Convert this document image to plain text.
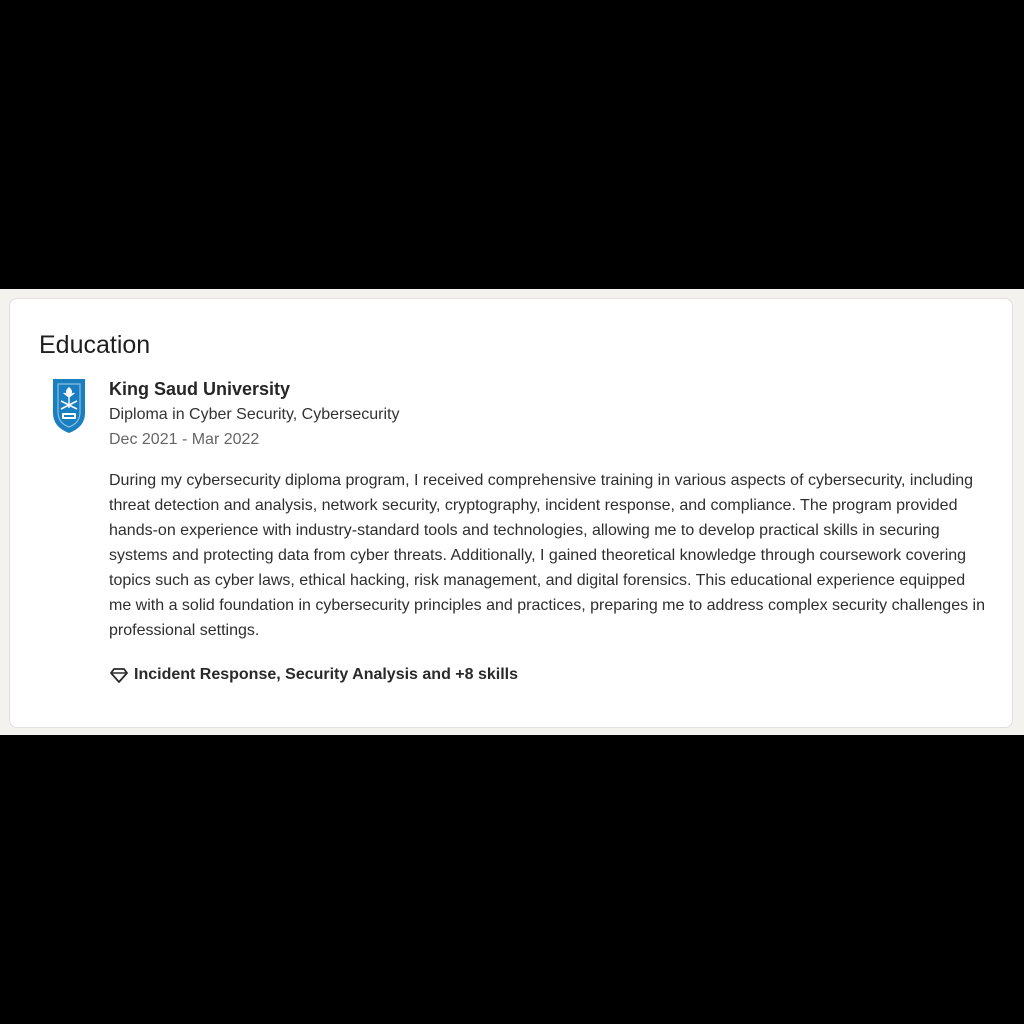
Education
King Saud University
Diploma in Cyber Security, Cybersecurity
Dec 2021 - Mar 2022
During my cybersecurity diploma program, I received comprehensive training in various aspects of cybersecurity, including threat detection and analysis, network security, cryptography, incident response, and compliance. The program provided hands-on experience with industry-standard tools and technologies, allowing me to develop practical skills in securing systems and protecting data from cyber threats. Additionally, I gained theoretical knowledge through coursework covering topics such as cyber laws, ethical hacking, risk management, and digital forensics. This educational experience equipped me with a solid foundation in cybersecurity principles and practices, preparing me to address complex security challenges in professional settings.
Incident Response, Security Analysis and +8 skills
